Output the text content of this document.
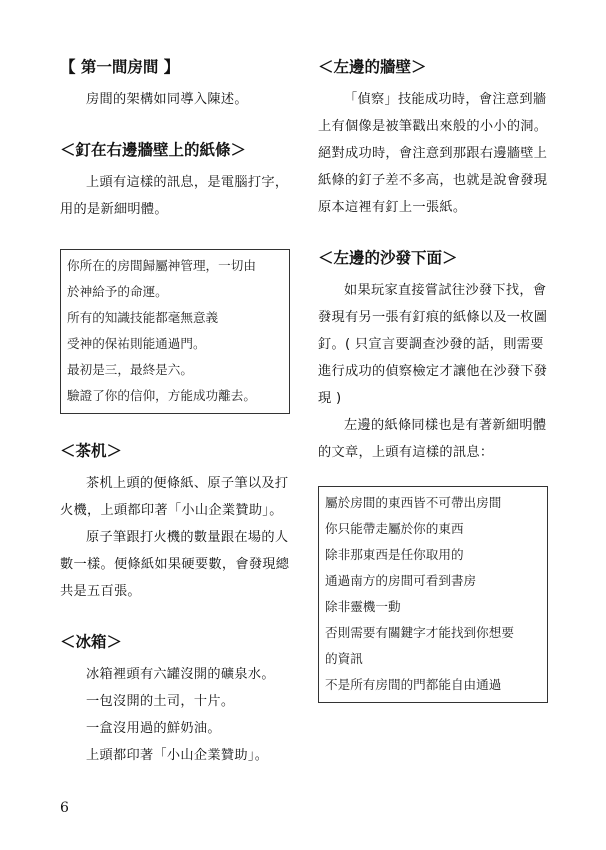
【 第一間房間 】

房間的架構如同導入陳述。

＜釘在右邊牆壁上的紙條＞

上頭有這樣的訊息，是電腦打字，用的是新細明體。

你所在的房間歸屬神管理，一切由
於神給予的命運。
所有的知識技能都毫無意義
受神的保祐則能通過門。
最初是三，最終是六。
驗證了你的信仰，方能成功離去。
＜茶机＞

茶机上頭的便條紙、原子筆以及打火機，上頭都印著「小山企業贊助」。

原子筆跟打火機的數量跟在場的人數一樣。便條紙如果硬要數，會發現總共是五百張。

＜冰箱＞

冰箱裡頭有六罐沒開的礦泉水。

一包沒開的土司，十片。

一盒沒用過的鮮奶油。

上頭都印著「小山企業贊助」。

＜左邊的牆壁＞

「偵察」技能成功時，會注意到牆上有個像是被筆戳出來般的小小的洞。絕對成功時，會注意到那跟右邊牆壁上紙條的釘子差不多高，也就是說會發現原本這裡有釘上一張紙。

＜左邊的沙發下面＞

如果玩家直接嘗試往沙發下找，會發現有另一張有釘痕的紙條以及一枚圖釘。( 只宣言要調查沙發的話，則需要進行成功的偵察檢定才讓他在沙發下發現 )

左邊的紙條同樣也是有著新細明體的文章，上頭有這樣的訊息：

屬於房間的東西皆不可帶出房間
你只能帶走屬於你的東西
除非那東西是任你取用的
通過南方的房間可看到書房
除非靈機一動
否則需要有關鍵字才能找到你想要
的資訊
不是所有房間的門都能自由通過
6
